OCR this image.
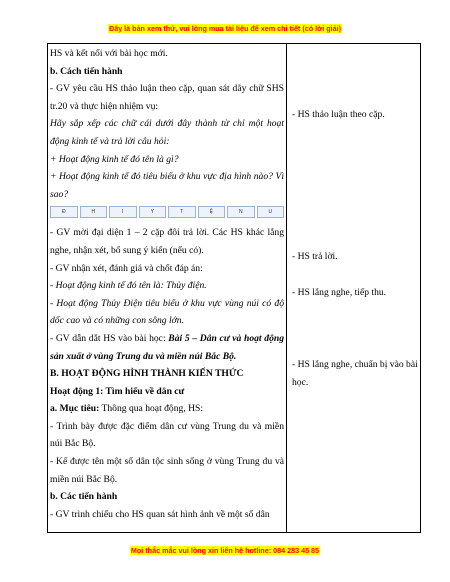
Đây là bản xem thử, vui lòng mua tài liệu để xem chi tiết (có lời giải)

HS và kết nối với bài học mới.

b. Cách tiến hành

- GV yêu cầu HS thảo luận theo cặp, quan sát dãy chữ SHS tr.20 và thực hiện nhiệm vụ:

Hãy sắp xếp các chữ cái dưới đây thành từ chỉ một hoạt động kinh tế và trả lời câu hỏi:

+ Hoạt động kinh tế đó tên là gì?

+ Hoạt động kinh tế đó tiêu biểu ở khu vực địa hình nào? Vì sao?

Đ	H	I	Y	T	Ệ	N	U

- GV mời đại diện 1 – 2 cặp đôi trả lời. Các HS khác lắng nghe, nhận xét, bổ sung ý kiến (nếu có).

- GV nhận xét, đánh giá và chốt đáp án:

- Hoạt động kinh tế đó tên là: Thủy điện.

- Hoạt động Thủy Điện tiêu biểu ở khu vực vùng núi có độ dốc cao và có những con sông lớn.

- GV dẫn dắt HS vào bài học: Bài 5 – Dân cư và hoạt động sản xuất ở vùng Trung du và miền núi Bắc Bộ.

B. HOẠT ĐỘNG HÌNH THÀNH KIẾN THỨC

Hoạt động 1: Tìm hiểu về dân cư

a. Mục tiêu: Thông qua hoạt động, HS:

- Trình bày được đặc điểm dân cư vùng Trung du và miền núi Bắc Bộ.

- Kể được tên một số dân tộc sinh sống ở vùng Trung du và miền núi Bắc Bộ.

b. Các tiến hành

- GV trình chiếu cho HS quan sát hình ảnh về một số dân

- HS thảo luận theo cặp.

- HS trả lời.

- HS lắng nghe, tiếp thu.

- HS lắng nghe, chuẩn bị vào bài học.

Mọi thắc mắc vui lòng xin liên hệ hotline: 084 283 45 85
